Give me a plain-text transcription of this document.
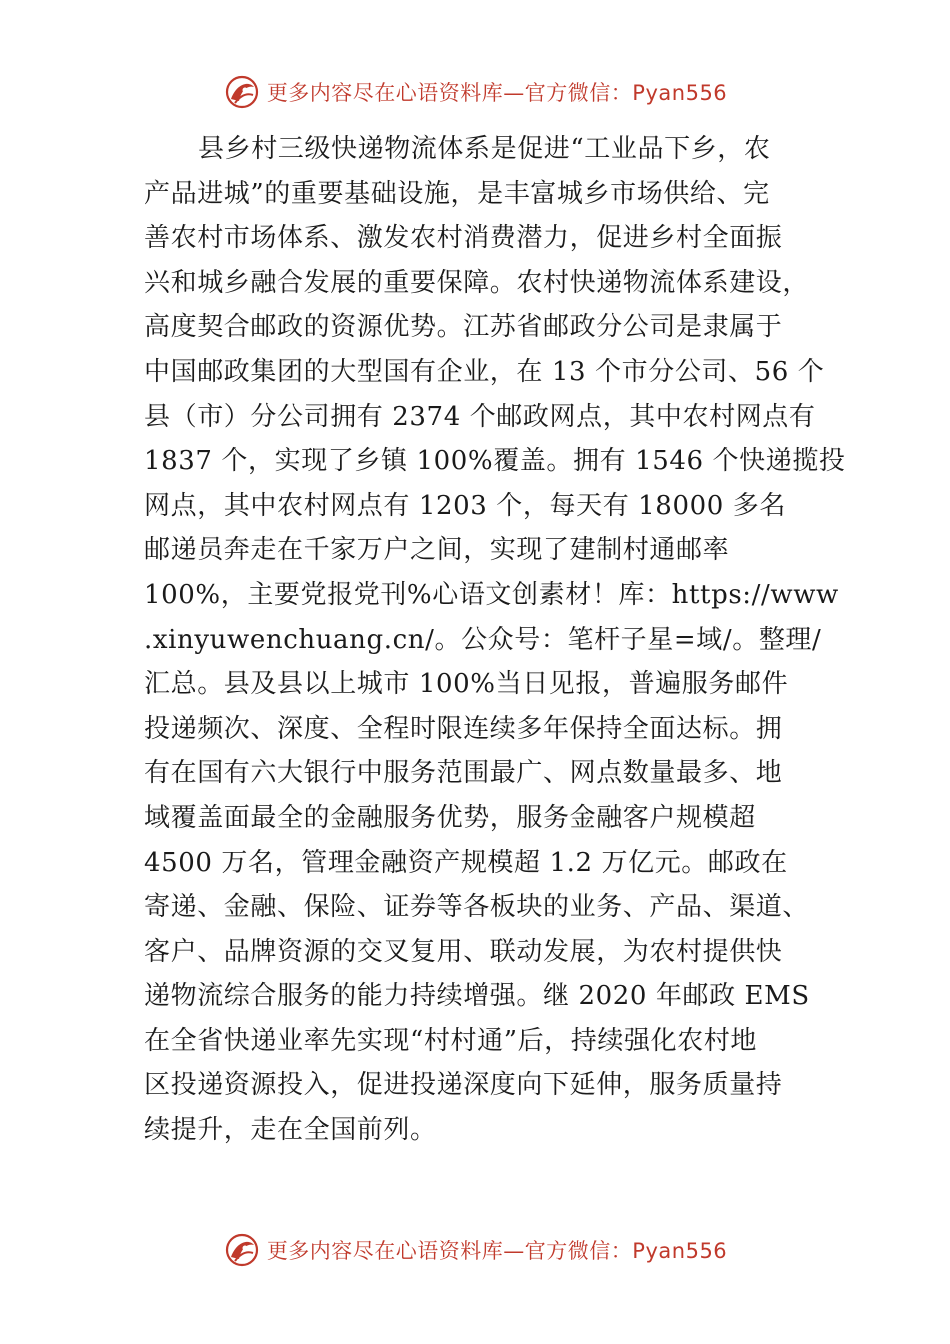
更多内容尽在心语资料库—官方微信：Pyan556
县乡村三级快递物流体系是促进“工业品下乡，农
产品进城”的重要基础设施，是丰富城乡市场供给、完
善农村市场体系、激发农村消费潜力，促进乡村全面振
兴和城乡融合发展的重要保障。农村快递物流体系建设，
高度契合邮政的资源优势。江苏省邮政分公司是隶属于
中国邮政集团的大型国有企业，在 13 个市分公司、56 个
县（市）分公司拥有 2374 个邮政网点，其中农村网点有
1837 个，实现了乡镇 100%覆盖。拥有 1546 个快递揽投
网点，其中农村网点有 1203 个，每天有 18000 多名
邮递员奔走在千家万户之间，实现了建制村通邮率
100%，主要党报党刊%心语文创素材！库：https://www
.xinyuwenchuang.cn/。公众号：笔杆子星=域/。整理/
汇总。县及县以上城市 100%当日见报，普遍服务邮件
投递频次、深度、全程时限连续多年保持全面达标。拥
有在国有六大银行中服务范围最广、网点数量最多、地
域覆盖面最全的金融服务优势，服务金融客户规模超
4500 万名，管理金融资产规模超 1.2 万亿元。邮政在
寄递、金融、保险、证券等各板块的业务、产品、渠道、
客户、品牌资源的交叉复用、联动发展，为农村提供快
递物流综合服务的能力持续增强。继 2020 年邮政 EMS
在全省快递业率先实现“村村通”后，持续强化农村地
区投递资源投入，促进投递深度向下延伸，服务质量持
续提升，走在全国前列。
更多内容尽在心语资料库—官方微信：Pyan556
